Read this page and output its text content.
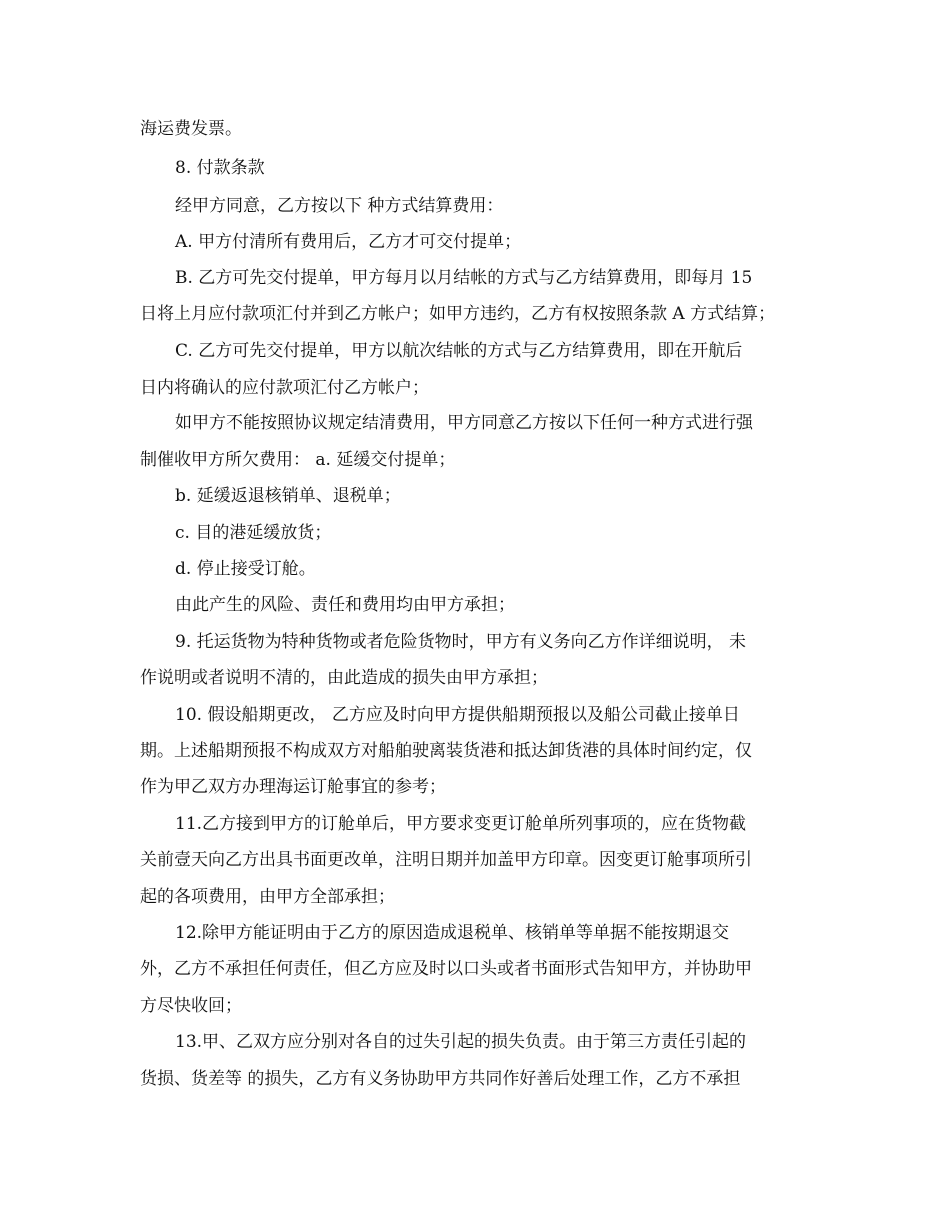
海运费发票。

8. 付款条款

经甲方同意，乙方按以下 种方式结算费用：

A. 甲方付清所有费用后，乙方才可交付提单；

B. 乙方可先交付提单，甲方每月以月结帐的方式与乙方结算费用，即每月 15

日将上月应付款项汇付并到乙方帐户；如甲方违约，乙方有权按照条款 A 方式结算；

C. 乙方可先交付提单，甲方以航次结帐的方式与乙方结算费用，即在开航后

日内将确认的应付款项汇付乙方帐户；

如甲方不能按照协议规定结清费用，甲方同意乙方按以下任何一种方式进行强

制催收甲方所欠费用： a. 延缓交付提单；

b. 延缓返退核销单、退税单；

c. 目的港延缓放货；

d. 停止接受订舱。

由此产生的风险、责任和费用均由甲方承担；

9. 托运货物为特种货物或者危险货物时，甲方有义务向乙方作详细说明， 未

作说明或者说明不清的，由此造成的损失由甲方承担；

10. 假设船期更改， 乙方应及时向甲方提供船期预报以及船公司截止接单日

期。上述船期预报不构成双方对船舶驶离装货港和抵达卸货港的具体时间约定，仅

作为甲乙双方办理海运订舱事宜的参考；

11.乙方接到甲方的订舱单后，甲方要求变更订舱单所列事项的，应在货物截

关前壹天向乙方出具书面更改单，注明日期并加盖甲方印章。因变更订舱事项所引

起的各项费用，由甲方全部承担；

12.除甲方能证明由于乙方的原因造成退税单、核销单等单据不能按期退交

外，乙方不承担任何责任，但乙方应及时以口头或者书面形式告知甲方，并协助甲

方尽快收回；

13.甲、乙双方应分别对各自的过失引起的损失负责。由于第三方责任引起的

货损、货差等 的损失，乙方有义务协助甲方共同作好善后处理工作，乙方不承担
